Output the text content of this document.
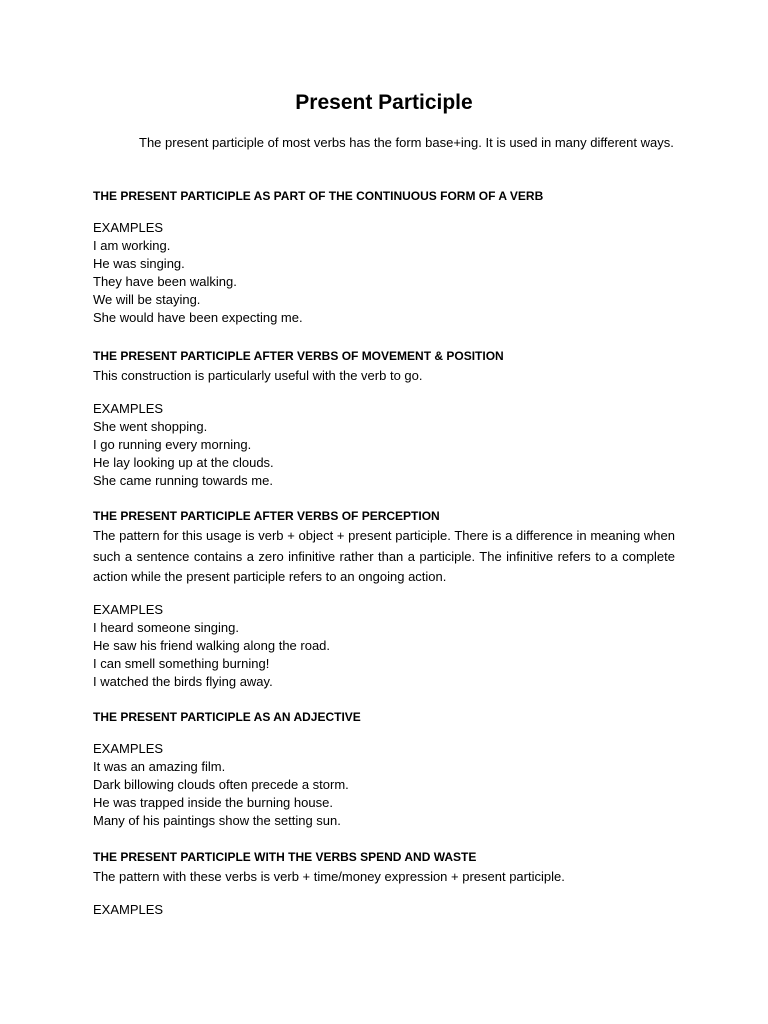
Present Participle

The present participle of most verbs has the form base+ing. It is used in many different ways.

THE PRESENT PARTICIPLE AS PART OF THE CONTINUOUS FORM OF A VERB

EXAMPLES
I am working.
He was singing.
They have been walking.
We will be staying.
She would have been expecting me.

THE PRESENT PARTICIPLE AFTER VERBS OF MOVEMENT & POSITION

This construction is particularly useful with the verb to go.

EXAMPLES
She went shopping.
I go running every morning.
He lay looking up at the clouds.
She came running towards me.

THE PRESENT PARTICIPLE AFTER VERBS OF PERCEPTION

The pattern for this usage is verb + object + present participle. There is a difference in meaning when such a sentence contains a zero infinitive rather than a participle. The infinitive refers to a complete action while the present participle refers to an ongoing action.

EXAMPLES
I heard someone singing.
He saw his friend walking along the road.
I can smell something burning!
I watched the birds flying away.

THE PRESENT PARTICIPLE AS AN ADJECTIVE

EXAMPLES
It was an amazing film.
Dark billowing clouds often precede a storm.
He was trapped inside the burning house.
Many of his paintings show the setting sun.

THE PRESENT PARTICIPLE WITH THE VERBS SPEND AND WASTE

The pattern with these verbs is verb + time/money expression + present participle.

EXAMPLES
